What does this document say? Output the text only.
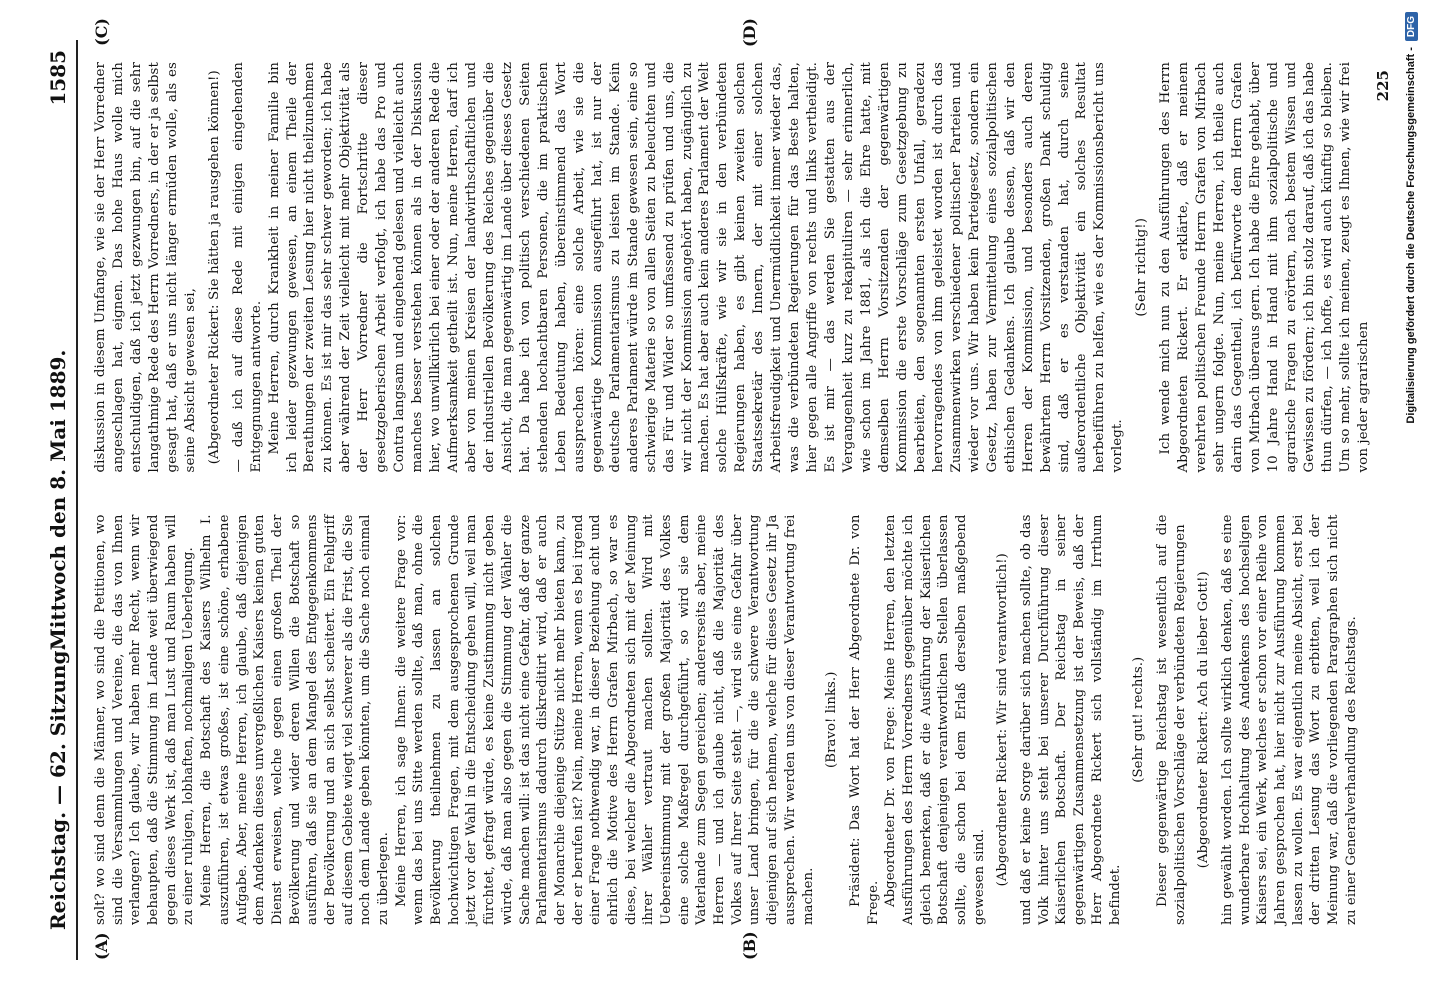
Reichstag. — 62. Sitzung.
Mittwoch den 8. Mai 1889.
1585
(A)	(B)
(C)	(D)

solt? wo sind denn die Männer, wo sind die Petitionen, wo sind die Versammlungen und Vereine, die das von Ihnen verlangen? Ich glaube, wir haben mehr Recht, wenn wir behaupten, daß die Stimmung im Lande weit überwiegend gegen dieses Werk ist, daß man Lust und Raum haben will zu einer ruhigen, lobhaften, nochmaligen Ueberlegung. Meine Herren, die Botschaft des Kaisers Wilhelm I. auszuführen, ist etwas großes, ist eine schöne, erhabene Aufgabe. Aber, meine Herren, ich glaube, daß diejenigen dem Andenken dieses unvergeßlichen Kaisers keinen guten Dienst erweisen, welche gegen einen großen Theil der Bevölkerung und wider deren Willen die Botschaft so ausführen, daß sie an dem Mangel des Entgegenkommens der Bevölkerung und an sich selbst scheitert. Ein Fehlgriff auf diesem Gebiete wiegt viel schwerer als die Frist, die Sie noch dem Lande geben könnten, um die Sache noch einmal zu überlegen. Meine Herren, ich sage Ihnen: die weitere Frage vor: wenn das bei uns Sitte werden sollte, daß man, ohne die Bevölkerung theilnehmen zu lassen an solchen hochwichtigen Fragen, mit dem ausgesprochenen Grunde jetzt vor der Wahl in die Entscheidung gehen will, weil man fürchtet, gefragt würde, es keine Zustimmung nicht geben würde, daß man also gegen die Stimmung der Wähler die Sache machen will: ist das nicht eine Gefahr, daß der ganze Parlamentarismus dadurch diskreditirt wird, daß er auch der Monarchie diejenige Stütze nicht mehr bieten kann, zu der er berufen ist? Nein, meine Herren, wenn es bei irgend einer Frage nothwendig war, in dieser Beziehung acht und ehrlich die Motive des Herrn Grafen Mirbach, so war es diese, bei welcher die Abgeordneten sich mit der Meinung ihrer Wähler vertraut machen sollten. Wird mit Uebereinstimmung mit der großen Majorität des Volkes eine solche Maßregel durchgeführt, so wird sie dem Vaterlande zum Segen gereichen; andererseits aber, meine Herren — und ich glaube nicht, daß die Majorität des Volkes auf Ihrer Seite steht —, wird sie eine Gefahr über unser Land bringen, für die die schwere Verantwortung diejenigen auf sich nehmen, welche für dieses Gesetz ihr Ja aussprechen. Wir werden uns von dieser Verantwortung frei machen.

(Bravo! links.) Präsident: Das Wort hat der Herr Abgeordnete Dr. von Frege. Abgeordneter Dr. von Frege: Meine Herren, den letzten Ausführungen des Herrn Vorredners gegenüber möchte ich gleich bemerken, daß er die Ausführung der Kaiserlichen Botschaft denjenigen verantwortlichen Stellen überlassen sollte, die schon bei dem Erlaß derselben maßgebend gewesen sind. (Abgeordneter Rickert: Wir sind verantwortlich!) und daß er keine Sorge darüber sich machen sollte, ob das Volk hinter uns steht bei unserer Durchführung dieser Kaiserlichen Botschaft. Der Reichstag in seiner gegenwärtigen Zusammensetzung ist der Beweis, daß der Herr Abgeordnete Rickert sich vollständig im Irrthum befindet.

(Sehr gut! rechts.) Dieser gegenwärtige Reichstag ist wesentlich auf die sozialpolitischen Vorschläge der verbündeten Regierungen (Abgeordneter Rickert: Ach du lieber Gott!) hin gewählt worden. Ich sollte wirklich denken, daß es eine wunderbare Hochhaltung des Andenkens des hochseligen Kaisers sei, ein Werk, welches er schon vor einer Reihe von Jahren gesprochen hat, hier nicht zur Ausführung kommen lassen zu wollen. Es war eigentlich meine Absicht, erst bei der dritten Lesung das Wort zu erbitten, weil ich der Meinung war, daß die vorliegenden Paragraphen sich nicht zu einer Generalverhandlung des Reichstags.

diskussion in diesem Umfange, wie sie der Herr Vorredner angeschlagen hat, eignen. Das hohe Haus wolle mich entschuldigen, daß ich jetzt gezwungen bin, auf die sehr langathmige Rede des Herrn Vorredners, in der er ja selbst gesagt hat, daß er uns nicht länger ermüden wolle, als es seine Absicht gewesen sei, (Abgeordneter Rickert: Sie hätten ja rausgehen können!) — daß ich auf diese Rede mit einigen eingehenden Entgegnungen antworte. Meine Herren, durch Krankheit in meiner Familie bin ich leider gezwungen gewesen, an einem Theile der Berathungen der zweiten Lesung hier nicht theilzunehmen zu können. Es ist mir das sehr schwer geworden; ich habe aber während der Zeit vielleicht mit mehr Objektivität als der Herr Vorredner die Fortschritte dieser gesetzgeberischen Arbeit verfolgt, ich habe das Pro und Contra langsam und eingehend gelesen und vielleicht auch manches besser verstehen können als in der Diskussion hier, wo unwillkürlich bei einer oder der anderen Rede die Aufmerksamkeit getheilt ist. Nun, meine Herren, darf ich aber von meinen Kreisen der landwirthschaftlichen und der industriellen Bevölkerung des Reiches gegenüber die Ansicht, die man gegenwärtig im Lande über dieses Gesetz hat. Da habe ich von politisch verschiedenen Seiten stehenden hochachtbaren Personen, die im praktischen Leben Bedeutung haben, übereinstimmend das Wort aussprechen hören: eine solche Arbeit, wie sie die gegenwärtige Kommission ausgeführt hat, ist nur der deutsche Parlamentarismus zu leisten im Stande. Kein anderes Parlament würde im Stande gewesen sein, eine so schwierige Materie so von allen Seiten zu beleuchten und das Für und Wider so umfassend zu prüfen und uns, die wir nicht der Kommission angehört haben, zugänglich zu machen. Es hat aber auch kein anderes Parlament der Welt solche Hülfskräfte, wie wir sie in den verbündeten Regierungen haben, es gibt keinen zweiten solchen Staatssekretär des Innern, der mit einer solchen Arbeitsfreudigkeit und Unermüdlichkeit immer wieder das, was die verbündeten Regierungen für das Beste halten, hier gegen alle Angriffe von rechts und links vertheidigt. Es ist mir — das werden Sie gestatten aus der Vergangenheit kurz zu rekapituliren — sehr erinnerlich, wie schon im Jahre 1881, als ich die Ehre hatte, mit demselben Herrn Vorsitzenden der gegenwärtigen Kommission die erste Vorschläge zum Gesetzgebung zu bearbeiten, den sogenannten ersten Unfall, geradezu hervorragendes von ihm geleistet worden ist durch das Zusammenwirken verschiedener politischer Parteien und wieder vor uns. Wir haben kein Parteigesetz, sondern ein Gesetz, haben zur Vermittelung eines sozialpolitischen ethischen Gedankens. Ich glaube dessen, daß wir den Herren der Kommission, und besonders auch deren bewährtem Herrn Vorsitzenden, großen Dank schuldig sind, daß er es verstanden hat, durch seine außerordentliche Objektivität ein solches Resultat herbeiführen zu helfen, wie es der Kommissionsbericht uns vorlegt.

(Sehr richtig!) Ich wende mich nun zu den Ausführungen des Herrn Abgeordneten Rickert. Er erklärte, daß er meinem verehrten politischen Freunde Herrn Grafen von Mirbach sehr ungern folgte. Nun, meine Herren, ich theile auch darin das Gegentheil, ich befürworte dem Herrn Grafen von Mirbach überaus gern. Ich habe die Ehre gehabt, über 10 Jahre Hand in Hand mit ihm sozialpolitische und agrarische Fragen zu erörtern, nach bestem Wissen und Gewissen zu fördern; ich bin stolz darauf, daß ich das habe thun dürfen, — ich hoffe, es wird auch künftig so bleiben. Um so mehr, sollte ich meinen, zeugt es Ihnen, wie wir frei von jeder agrarischen

225 Digitalisierung gefördert durch die Deutsche Forschungsgemeinschaft -
DFG
